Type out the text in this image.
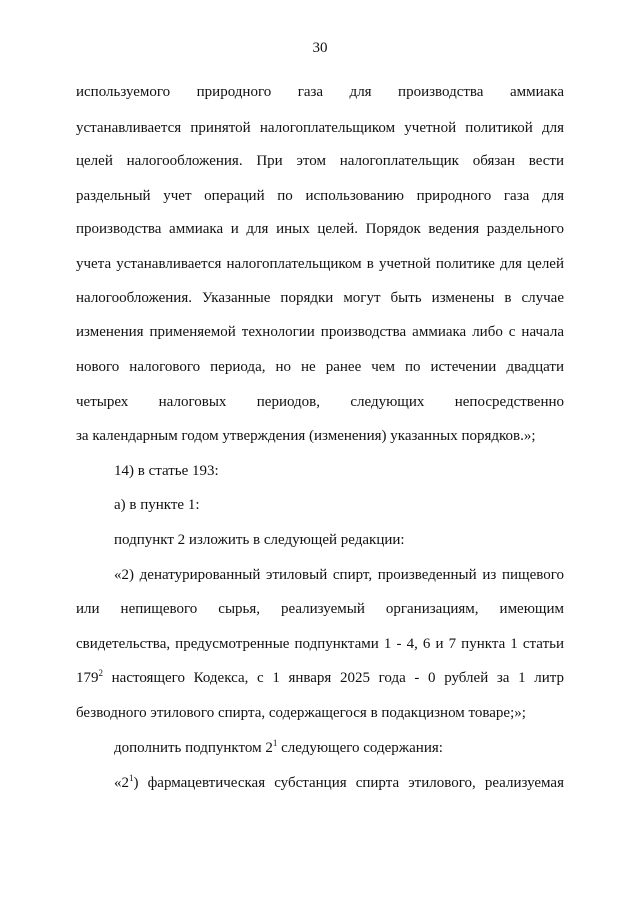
30
используемого природного газа для производства аммиака
устанавливается принятой налогоплательщиком учетной политикой для
целей налогообложения. При этом налогоплательщик обязан вести
раздельный учет операций по использованию природного газа для
производства аммиака и для иных целей. Порядок ведения раздельного
учета устанавливается налогоплательщиком в учетной политике для целей
налогообложения. Указанные порядки могут быть изменены в случае
изменения применяемой технологии производства аммиака либо с начала
нового налогового периода, но не ранее чем по истечении двадцати
четырех налоговых периодов, следующих непосредственно
за календарным годом утверждения (изменения) указанных порядков.»;
14) в статье 193:
а) в пункте 1:
подпункт 2 изложить в следующей редакции:
«2) денатурированный этиловый спирт, произведенный из пищевого
или непищевого сырья, реализуемый организациям, имеющим
свидетельства, предусмотренные подпунктами 1 - 4, 6 и 7 пункта 1 статьи
$179^2$ настоящего Кодекса, с 1 января 2025 года - 0 рублей за 1 литр
безводного этилового спирта, содержащегося в подакцизном товаре;»;
дополнить подпунктом $2^1$ следующего содержания:
«$2^1$) фармацевтическая субстанция спирта этилового, реализуемая
